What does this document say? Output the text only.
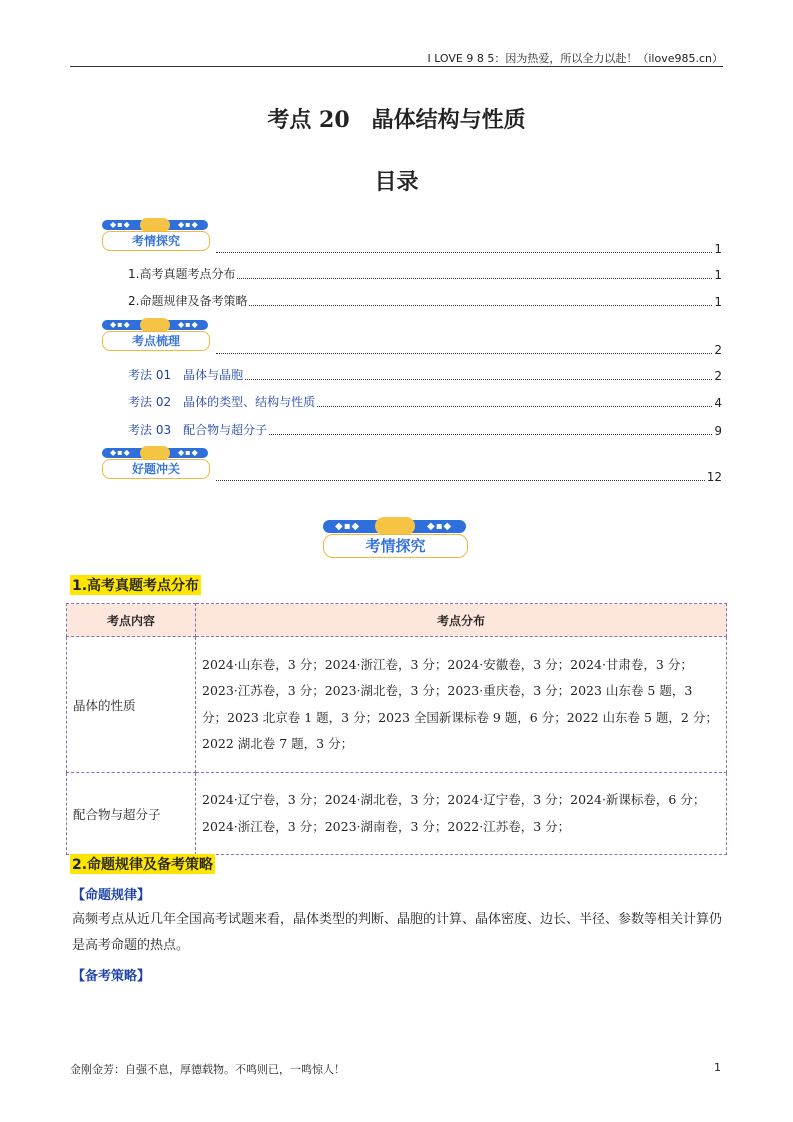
I LOVE 9 8 5：因为热爱，所以全力以赴！（ilove985.cn）
考点 20　晶体结构与性质
目录
◆▪◆	◆▪◆
考情探究
1
1.高考真题考点分布	1
2.命题规律及备考策略	1
◆▪◆	◆▪◆
考点梳理
2
考法 01　晶体与晶胞	2
考法 02　晶体的类型、结构与性质	4
考法 03　配合物与超分子	9
◆▪◆	◆▪◆
好题冲关
12
◆▪◆	◆▪◆
考情探究
1.高考真题考点分布
考点内容	考点分布
晶体的性质	2024·山东卷，3 分；2024·浙江卷，3 分；2024·安徽卷，3 分；2024·甘肃卷，3 分；2023·江苏卷，3 分；2023·湖北卷，3 分；2023·重庆卷，3 分；2023 山东卷 5 题，3 分；2023 北京卷 1 题，3 分；2023 全国新课标卷 9 题，6 分；2022 山东卷 5 题，2 分；
2022 湖北卷 7 题，3 分；
配合物与超分子	2024·辽宁卷，3 分；2024·湖北卷，3 分；2024·辽宁卷，3 分；2024·新课标卷，6 分；
2024·浙江卷，3 分；2023·湖南卷，3 分；2022·江苏卷，3 分；
2.命题规律及备考策略
【命题规律】
高频考点从近几年全国高考试题来看，晶体类型的判断、晶胞的计算、晶体密度、边长、半径、参数等相关计算仍是高考命题的热点。
【备考策略】
金刚金芳：自强不息，厚德载物。不鸣则已，一鸣惊人！	1
